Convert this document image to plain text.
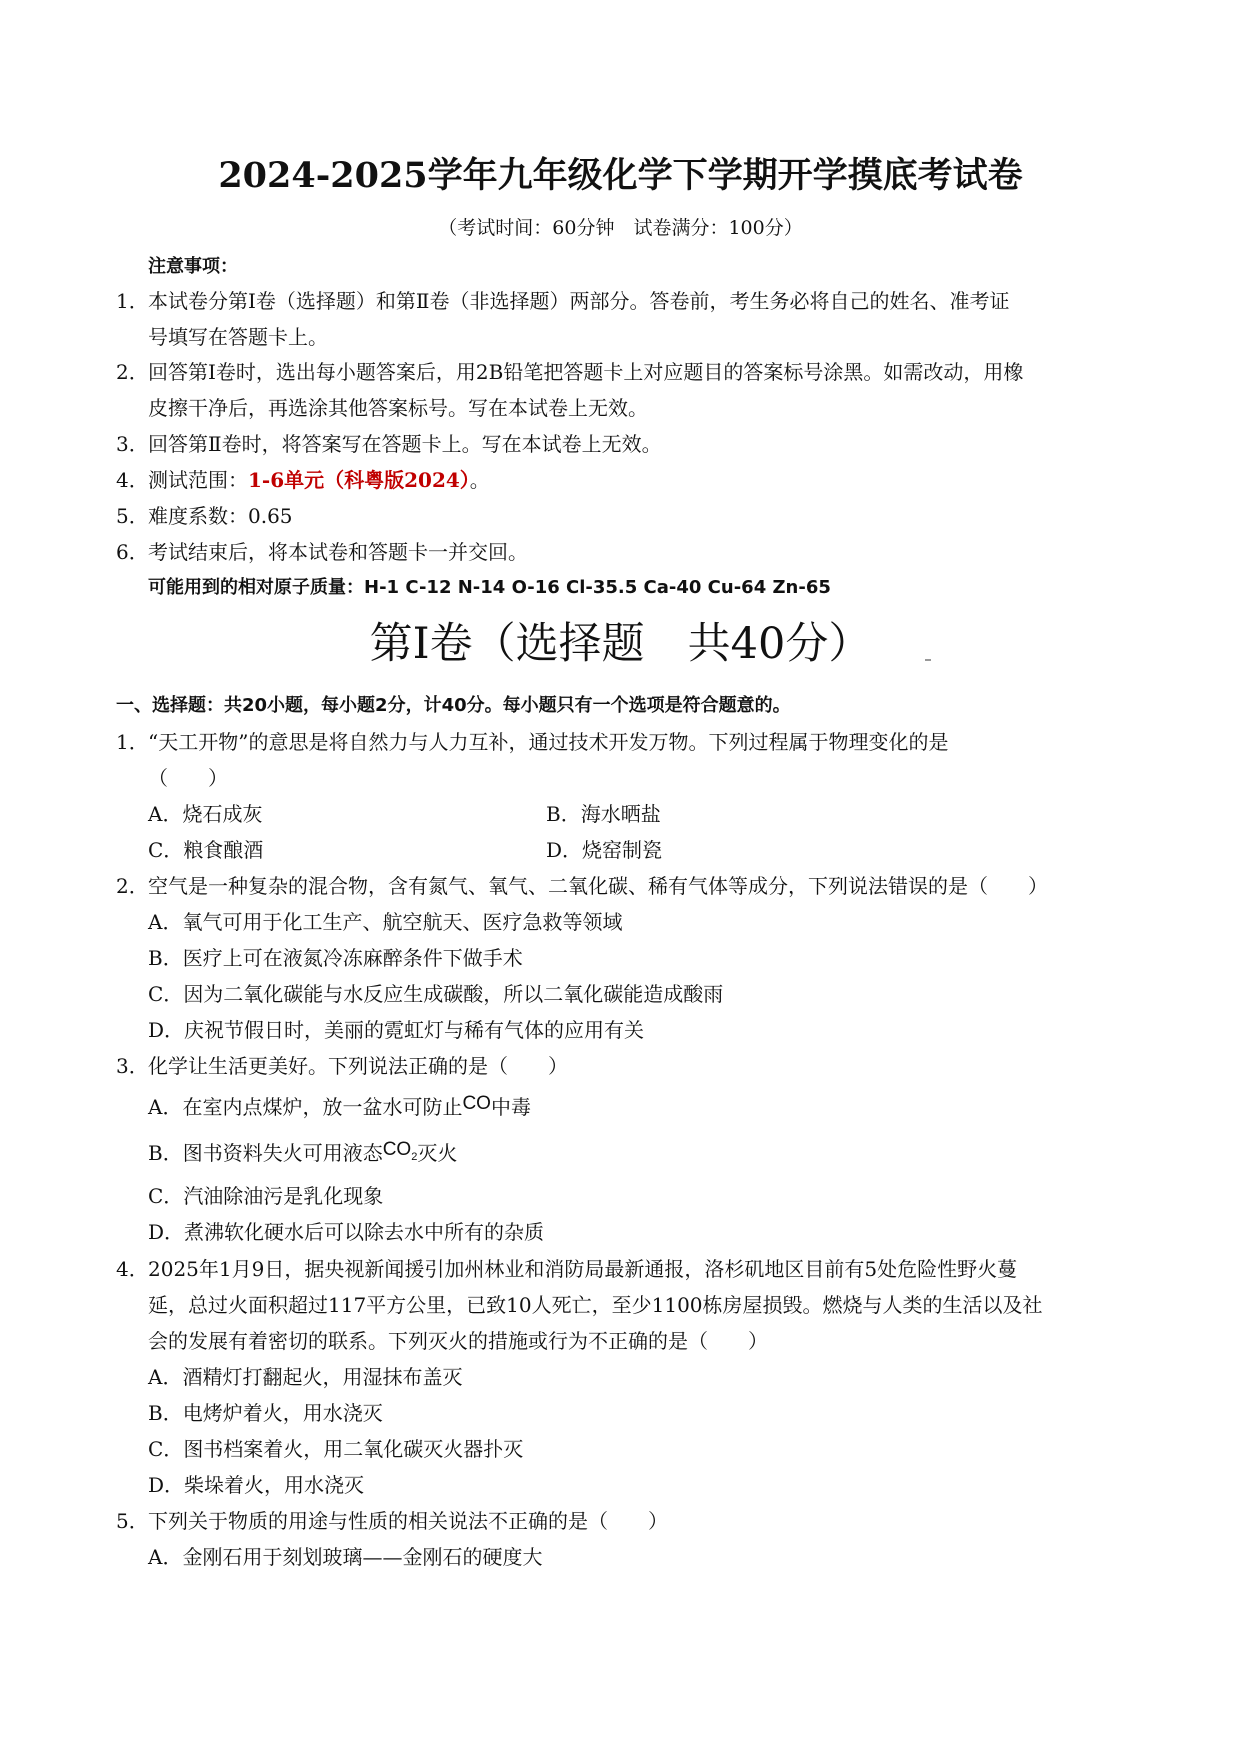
2024-2025学年九年级化学下学期开学摸底考试卷
（考试时间：60分钟　试卷满分：100分）
注意事项：
1．本试卷分第Ⅰ卷（选择题）和第Ⅱ卷（非选择题）两部分。答卷前，考生务必将自己的姓名、准考证
号填写在答题卡上。
2．回答第Ⅰ卷时，选出每小题答案后，用2B铅笔把答题卡上对应题目的答案标号涂黑。如需改动，用橡
皮擦干净后，再选涂其他答案标号。写在本试卷上无效。
3．回答第Ⅱ卷时，将答案写在答题卡上。写在本试卷上无效。
4．测试范围：1-6单元（科粤版2024）。
5．难度系数：0.65
6．考试结束后，将本试卷和答题卡一并交回。
可能用到的相对原子质量：H-1 C-12 N-14 O-16 Cl-35.5 Ca-40 Cu-64 Zn-65
第Ⅰ卷（选择题　共40分）
一、选择题：共20小题，每小题2分，计40分。每小题只有一个选项是符合题意的。
1．“天工开物”的意思是将自然力与人力互补，通过技术开发万物。下列过程属于物理变化的是
（　　）
A．烧石成灰	B．海水晒盐
C．粮食酿酒	D．烧窑制瓷
2．空气是一种复杂的混合物，含有氮气、氧气、二氧化碳、稀有气体等成分，下列说法错误的是（　　）
A．氧气可用于化工生产、航空航天、医疗急救等领域
B．医疗上可在液氮冷冻麻醉条件下做手术
C．因为二氧化碳能与水反应生成碳酸，所以二氧化碳能造成酸雨
D．庆祝节假日时，美丽的霓虹灯与稀有气体的应用有关
3．化学让生活更美好。下列说法正确的是（　　）
A．在室内点煤炉，放一盆水可防止CO中毒
B．图书资料失火可用液态$CO_2$灭火
C．汽油除油污是乳化现象
D．煮沸软化硬水后可以除去水中所有的杂质
4．2025年1月9日，据央视新闻援引加州林业和消防局最新通报，洛杉矶地区目前有5处危险性野火蔓
延，总过火面积超过117平方公里，已致10人死亡，至少1100栋房屋损毁。燃烧与人类的生活以及社
会的发展有着密切的联系。下列灭火的措施或行为不正确的是（　　）
A．酒精灯打翻起火，用湿抹布盖灭
B．电烤炉着火，用水浇灭
C．图书档案着火，用二氧化碳灭火器扑灭
D．柴垛着火，用水浇灭
5．下列关于物质的用途与性质的相关说法不正确的是（　　）
A．金刚石用于刻划玻璃——金刚石的硬度大
